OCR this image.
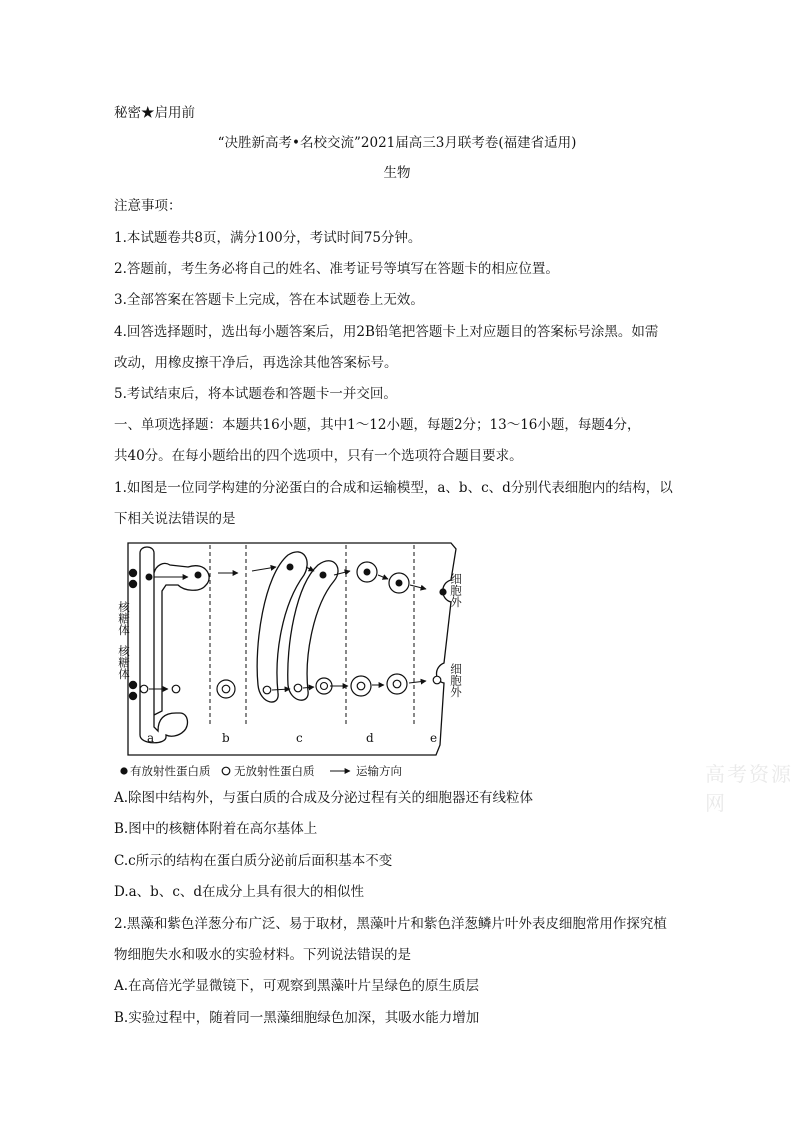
秘密★启用前
“决胜新高考•名校交流”2021届高三3月联考卷(福建省适用)
生物
注意事项：
1.本试题卷共8页，满分100分，考试时间75分钟。
2.答题前，考生务必将自己的姓名、准考证号等填写在答题卡的相应位置。
3.全部答案在答题卡上完成，答在本试题卷上无效。
4.回答选择题时，选出每小题答案后，用2B铅笔把答题卡上对应题目的答案标号涂黑。如需
改动，用橡皮擦干净后，再选涂其他答案标号。
5.考试结束后，将本试题卷和答题卡一并交回。
一、单项选择题：本题共16小题，其中1～12小题，每题2分；13～16小题，每题4分，
共40分。在每小题给出的四个选项中，只有一个选项符合题目要求。
1.如图是一位同学构建的分泌蛋白的合成和运输模型，a、b、c、d分别代表细胞内的结构，以
下相关说法错误的是
核糖体
核糖体
细胞外
细胞外
a	b	c	d	e
有放射性蛋白质 无放射性蛋白质	运输方向	高考资源网
A.除图中结构外，与蛋白质的合成及分泌过程有关的细胞器还有线粒体
B.图中的核糖体附着在高尔基体上
C.c所示的结构在蛋白质分泌前后面积基本不变
D.a、b、c、d在成分上具有很大的相似性
2.黑藻和紫色洋葱分布广泛、易于取材，黑藻叶片和紫色洋葱鳞片叶外表皮细胞常用作探究植
物细胞失水和吸水的实验材料。下列说法错误的是
A.在高倍光学显微镜下，可观察到黑藻叶片呈绿色的原生质层
B.实验过程中，随着同一黑藻细胞绿色加深，其吸水能力增加
